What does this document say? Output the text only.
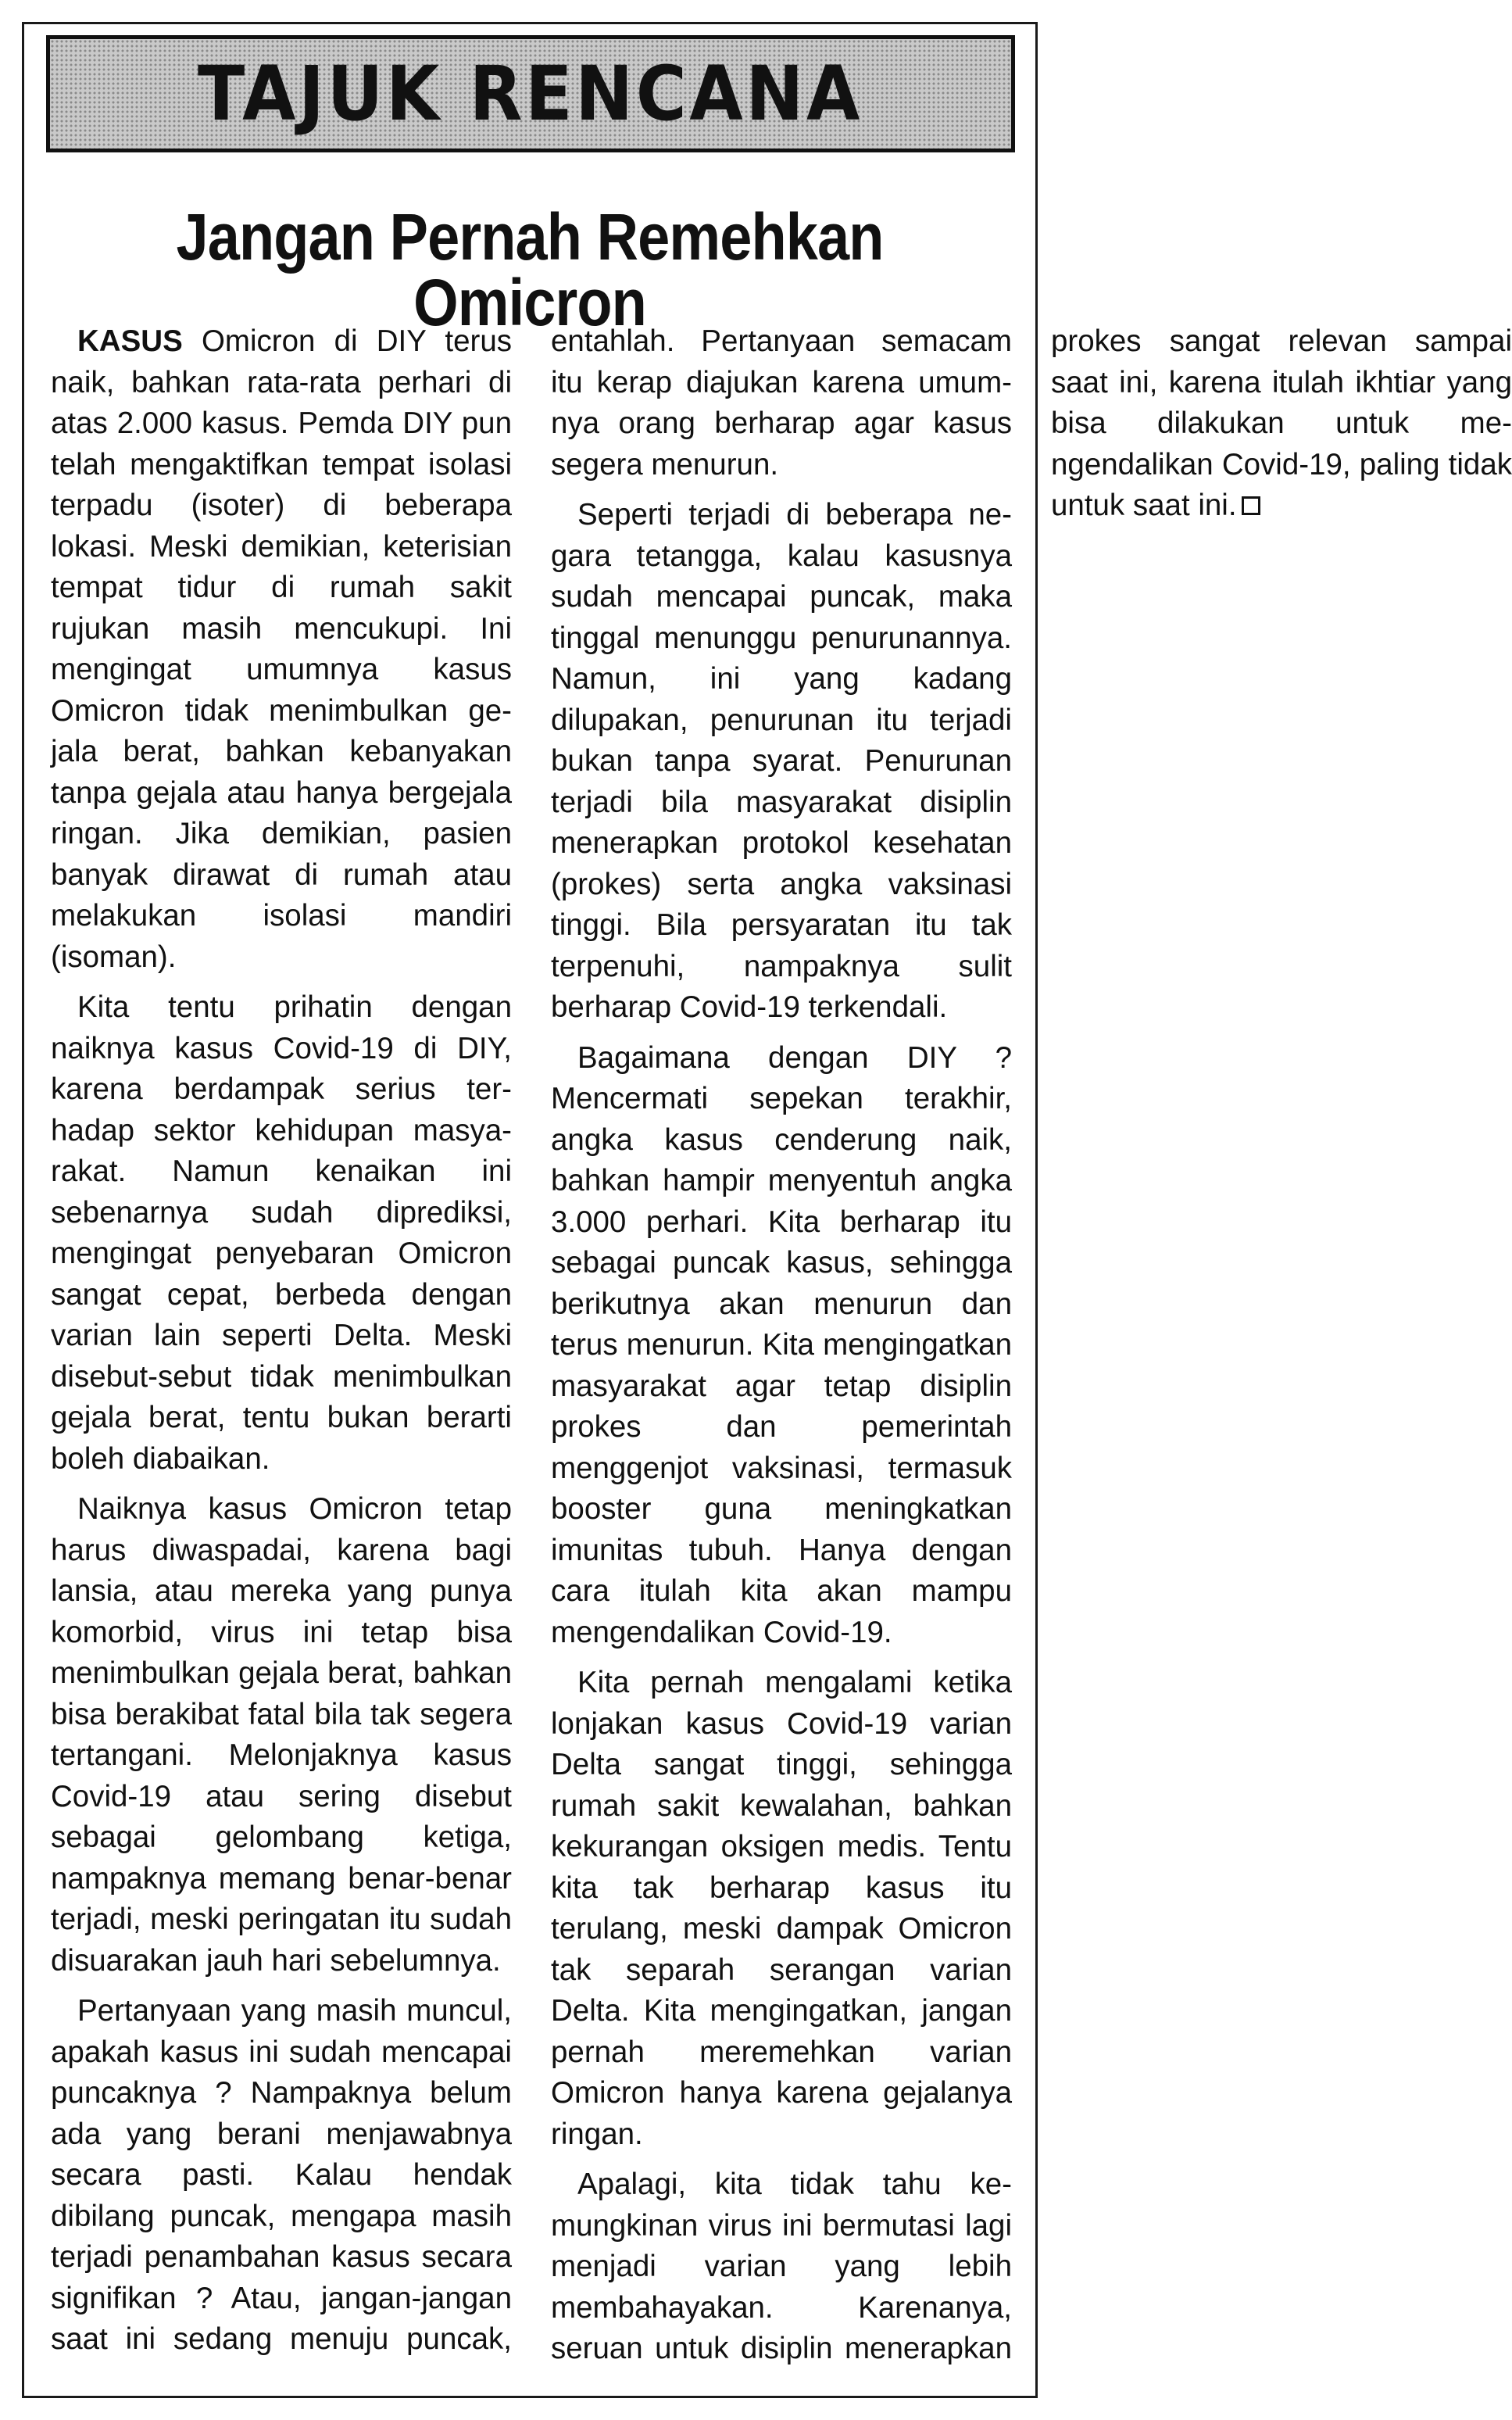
TAJUK RENCANA
Jangan Pernah Remehkan Omicron

KASUS Omicron di DIY terus naik, bahkan rata-rata perhari di atas 2.000 kasus. Pemda DIY pun telah mengaktifkan tempat isolasi terpadu (isoter) di beberapa lokasi. Meski demikian, keterisian tempat tidur di rumah sakit rujukan masih mencukupi. Ini mengingat umumnya kasus Omicron tidak menimbulkan gejala berat, bahkan kebanyakan tanpa gejala atau hanya bergejala ringan. Jika demikian, pasien banyak dirawat di rumah atau melakukan isolasi mandiri (isoman).

Kita tentu prihatin dengan naiknya kasus Covid-19 di DIY, karena berdampak serius terhadap sektor kehidupan masyarakat. Namun kenaikan ini sebenarnya sudah diprediksi, mengingat penyebaran Omicron sangat cepat, berbeda dengan varian lain seperti Delta. Meski disebut-sebut tidak menimbulkan gejala berat, tentu bukan berarti boleh diabaikan.

Naiknya kasus Omicron tetap harus diwaspadai, karena bagi lansia, atau mereka yang punya komorbid, virus ini tetap bisa menimbulkan gejala berat, bahkan bisa berakibat fatal bila tak segera tertangani. Melonjaknya kasus Covid-19 atau sering disebut sebagai gelombang ketiga, nampaknya memang benar-benar terjadi, meski peringatan itu sudah disuarakan jauh hari sebelumnya.

Pertanyaan yang masih muncul, apakah kasus ini sudah mencapai puncaknya ? Nampaknya belum ada yang berani menjawabnya secara pasti. Kalau hendak dibilang puncak, mengapa masih terjadi penambahan kasus secara signifikan ? Atau, jangan-jangan saat ini sedang menuju puncak, entahlah. Pertanyaan semacam itu kerap diajukan karena umumnya orang berharap agar kasus segera menurun.

Seperti terjadi di beberapa negara tetangga, kalau kasusnya sudah mencapai puncak, maka tinggal menunggu penurunannya. Namun, ini yang kadang dilupakan, penurunan itu terjadi bukan tanpa syarat. Penurunan terjadi bila masyarakat disiplin menerapkan protokol kesehatan (prokes) serta angka vaksinasi tinggi. Bila persyaratan itu tak terpenuhi, nampaknya sulit berharap Covid-19 terkendali.

Bagaimana dengan DIY ? Mencermati sepekan terakhir, angka kasus cenderung naik, bahkan hampir menyentuh angka 3.000 perhari. Kita berharap itu sebagai puncak kasus, sehingga berikutnya akan menurun dan terus menurun. Kita mengingatkan masyarakat agar tetap disiplin prokes dan pemerintah menggenjot vaksinasi, termasuk booster guna meningkatkan imunitas tubuh. Hanya dengan cara itulah kita akan mampu mengendalikan Covid-19.

Kita pernah mengalami ketika lonjakan kasus Covid-19 varian Delta sangat tinggi, sehingga rumah sakit kewalahan, bahkan kekurangan oksigen medis. Tentu kita tak berharap kasus itu terulang, meski dampak Omicron tak separah serangan varian Delta. Kita mengingatkan, jangan pernah meremehkan varian Omicron hanya karena gejalanya ringan.

Apalagi, kita tidak tahu kemungkinan virus ini bermutasi lagi menjadi varian yang lebih membahayakan. Karenanya, seruan untuk disiplin menerapkan prokes sangat relevan sampai saat ini, karena itulah ikhtiar yang bisa dilakukan untuk mengendalikan Covid-19, paling tidak untuk saat ini.
